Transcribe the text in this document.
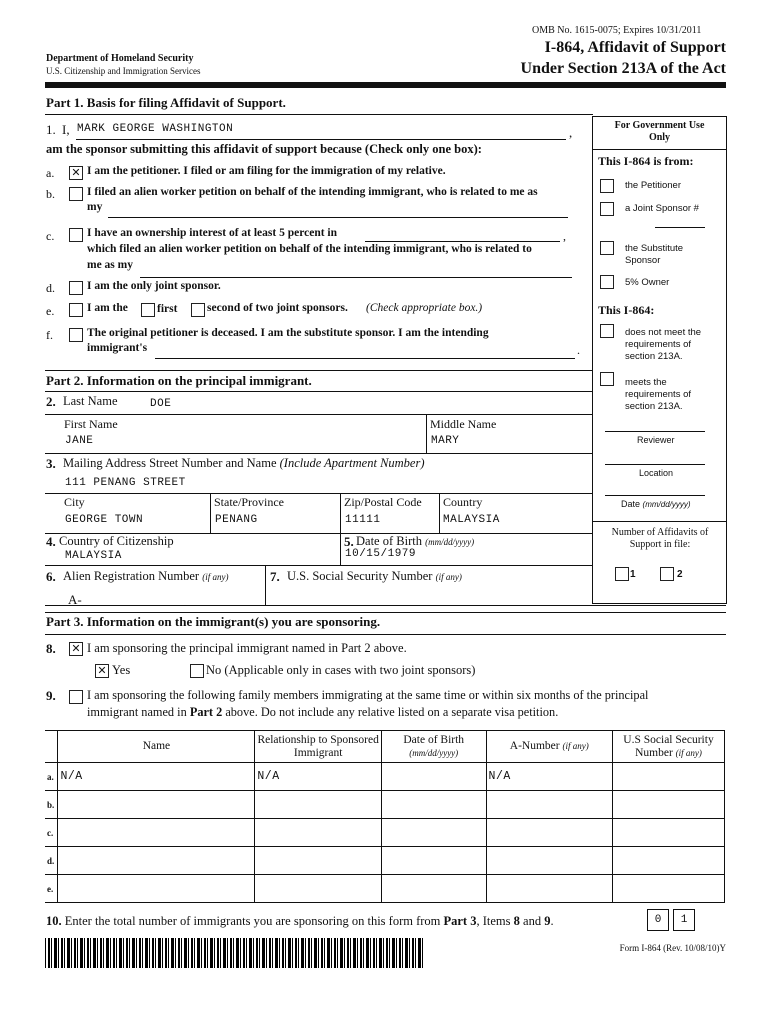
OMB No. 1615-0075; Expires 10/31/2011
Department of Homeland Security
U.S. Citizenship and Immigration Services
I-864, Affidavit of Support
Under Section 213A of the Act
Part 1. Basis for filing Affidavit of Support.
1. I, MARK GEORGE WASHINGTON	,
am the sponsor submitting this affidavit of support because (Check only one box):
a. ✕ I am the petitioner. I filed or am filing for the immigration of my relative.
b.	I filed an alien worker petition on behalf of the intending immigrant, who is related to me as
my
c.	I have an ownership interest of at least 5 percent in	,
which filed an alien worker petition on behalf of the intending immigrant, who is related to
me as my
d.	I am the only joint sponsor.
e.	I am the	first	second of two joint sponsors. (Check appropriate box.)
f.	The original petitioner is deceased. I am the substitute sponsor. I am the intending
immigrant's	.
For Government Use Only
This I-864 is from:
the Petitioner
a Joint Sponsor #
the Substitute Sponsor
5% Owner
This I-864:
does not meet the requirements of section 213A.
meets the requirements of section 213A.
Reviewer
Location
Date (mm/dd/yyyy)
Number of Affidavits of Support in file:
1	2
Part 2. Information on the principal immigrant.
2. Last Name	DOE
First Name
JANE
Middle Name
MARY
3. Mailing Address Street Number and Name (Include Apartment Number)
111 PENANG STREET
City
GEORGE TOWN
State/Province
PENANG
Zip/Postal Code
11111
Country
MALAYSIA
4. Country of Citizenship
MALAYSIA
5. Date of Birth (mm/dd/yyyy)
10/15/1979
6. Alien Registration Number (if any)
A-
7. U.S. Social Security Number (if any)
Part 3. Information on the immigrant(s) you are sponsoring.
8. ✕ I am sponsoring the principal immigrant named in Part 2 above.
✕ Yes	No (Applicable only in cases with two joint sponsors)
9.	I am sponsoring the following family members immigrating at the same time or within six months of the principal
immigrant named in Part 2 above. Do not include any relative listed on a separate visa petition.
	Name	Relationship to Sponsored Immigrant	Date of Birth
(mm/dd/yyyy)	A-Number (if any)	U.S Social Security Number (if any)
a.	N/A	N/A		N/A	
b.					
c.					
d.					
e.					
10. Enter the total number of immigrants you are sponsoring on this form from Part 3, Items 8 and 9.	0	1
Form I-864 (Rev. 10/08/10)Y
